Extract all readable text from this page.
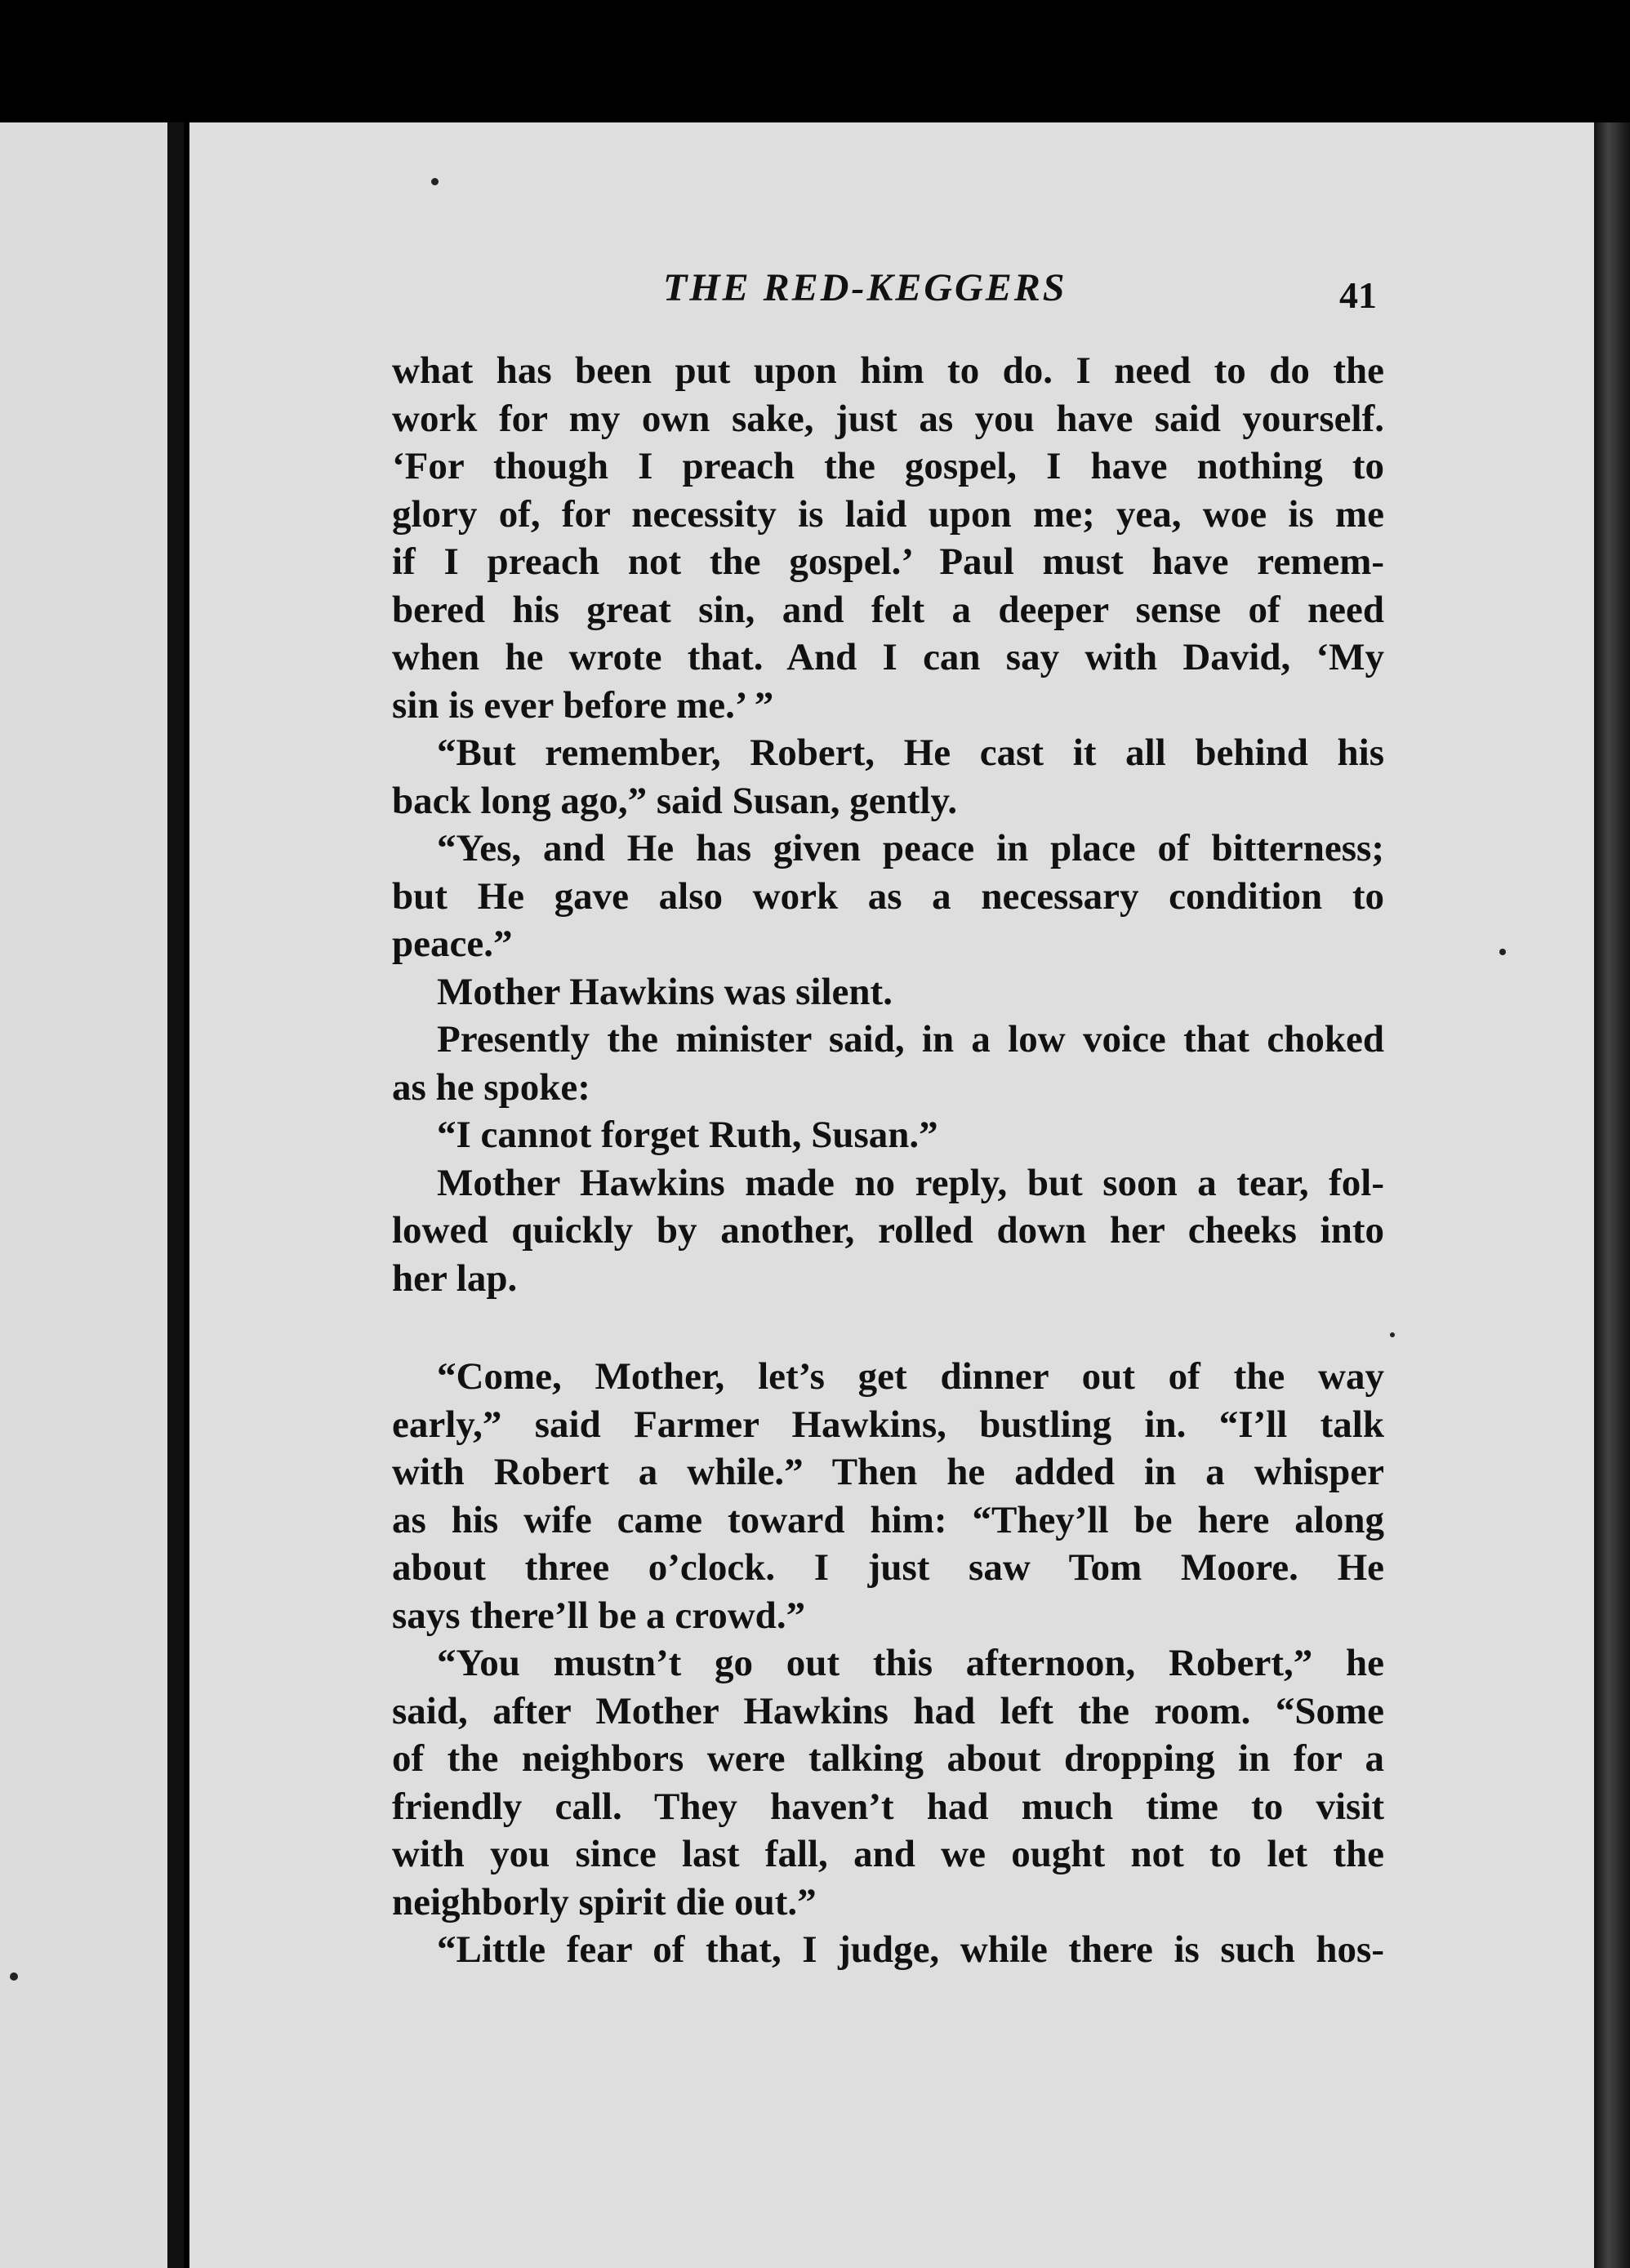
THE RED-KEGGERS	41
what has been put upon him to do. I need to do the
work for my own sake, just as you have said yourself.
‘For though I preach the gospel, I have nothing to
glory of, for necessity is laid upon me; yea, woe is me
if I preach not the gospel.’ Paul must have remem-
bered his great sin, and felt a deeper sense of need
when he wrote that. And I can say with David, ‘My
sin is ever before me.’ ”
“But remember, Robert, He cast it all behind his
back long ago,” said Susan, gently.
“Yes, and He has given peace in place of bitterness;
but He gave also work as a necessary condition to
peace.”
Mother Hawkins was silent.
Presently the minister said, in a low voice that choked
as he spoke:
“I cannot forget Ruth, Susan.”
Mother Hawkins made no reply, but soon a tear, fol-
lowed quickly by another, rolled down her cheeks into
her lap.
“Come, Mother, let’s get dinner out of the way
early,” said Farmer Hawkins, bustling in. “I’ll talk
with Robert a while.” Then he added in a whisper
as his wife came toward him: “They’ll be here along
about three o’clock. I just saw Tom Moore. He
says there’ll be a crowd.”
“You mustn’t go out this afternoon, Robert,” he
said, after Mother Hawkins had left the room. “Some
of the neighbors were talking about dropping in for a
friendly call. They haven’t had much time to visit
with you since last fall, and we ought not to let the
neighborly spirit die out.”
“Little fear of that, I judge, while there is such hos-
